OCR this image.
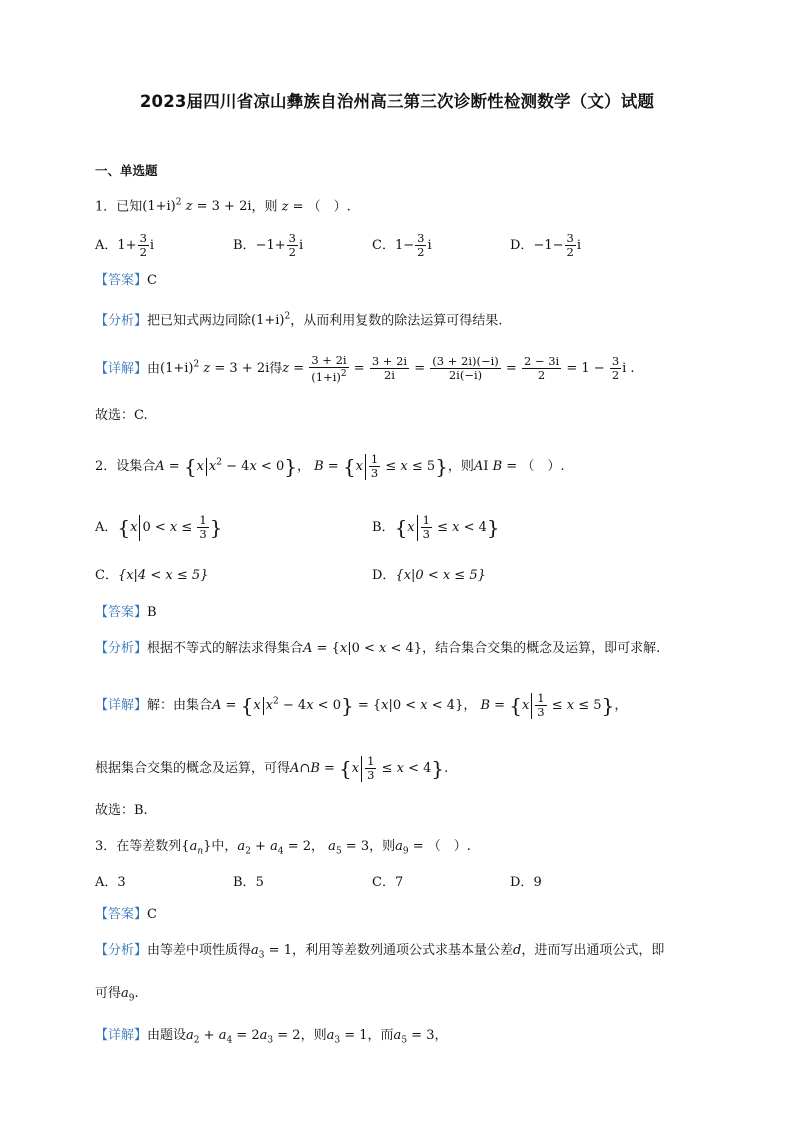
2023届四川省凉山彝族自治州高三第三次诊断性检测数学（文）试题
一、单选题
1．已知$(1+i)^2$ z = 3 + 2i，则 z = （　）.
A．$1+ \frac{3}{2}$ i	B．$-1+ \frac{3}{2}$ i	C．$1- \frac{3}{2}$ i	D．$-1- \frac{3}{2}$ i
【答案】C
【分析】把已知式两边同除$(1+i)^2$，从而利用复数的除法运算可得结果.
【详解】由$(1+i)^2$ z = 3 + 2i得$z = \frac{3 + 2i}{(1+i)^2} = \frac{3 + 2i}{2i} = \frac{(3 + 2i)(-i)}{2i(-i)} = \frac{2 - 3i}{2} = 1 - \frac{3}{2}$ i .
故选：C.
2．设集合A = {x $x^2 - 4x < 0$}， $B = \{x \frac{1}{3} \le x \le 5\}$，则AI B = （　）.
A．{x $0 < x \le \frac{1}{3}$ }	B．$\{x \frac{1}{3} \le x < 4\}$
C．{x|4 < x ≤ 5}	D．{x|0 < x ≤ 5}
【答案】B
【分析】根据不等式的解法求得集合A = {x|0 < x < 4}，结合集合交集的概念及运算，即可求解.
【详解】解：由集合A = {x $x^2 - 4x < 0\} = \{x|0 < x < 4\}$， $B = \{x \frac{1}{3} \le x \le 5\}$，
根据集合交集的概念及运算，可得A∩B = $\{x \frac{1}{3} \le x < 4\}$.
故选：B.
3．在等差数列$\{a_n\}$中，$a_2 + a_4 = 2$， $a_5 = 3$，则$a_9$ = （　）.
A．3	B．5	C．7	D．9
【答案】C
【分析】由等差中项性质得$a_3 = 1$，利用等差数列通项公式求基本量公差d，进而写出通项公式，即
可得$a_9$.
【详解】由题设$a_2 + a_4 = 2a_3 = 2$，则$a_3 = 1$，而$a_5 = 3$，
